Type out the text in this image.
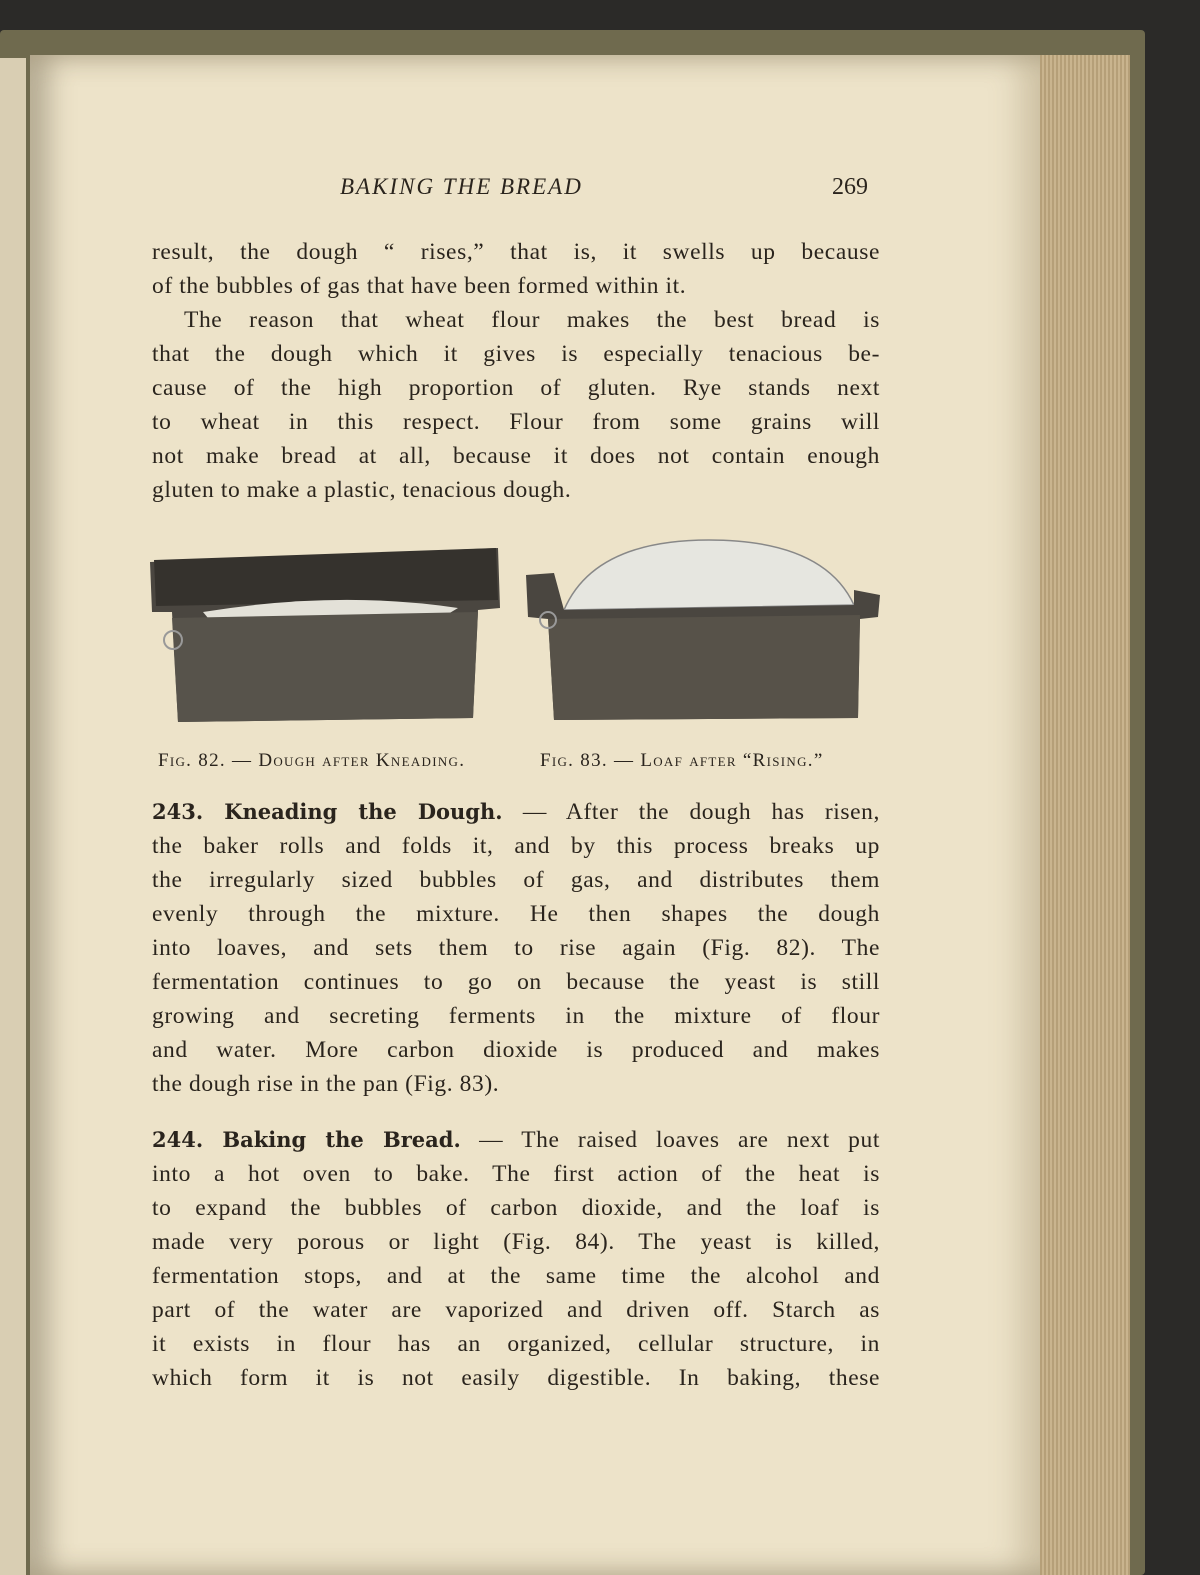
BAKING THE BREAD	269
result, the dough “ rises,” that is, it swells up because
of the bubbles of gas that have been formed within it.
The reason that wheat flour makes the best bread is
that the dough which it gives is especially tenacious be-
cause of the high proportion of gluten. Rye stands next
to wheat in this respect. Flour from some grains will
not make bread at all, because it does not contain enough
gluten to make a plastic, tenacious dough.
243. Kneading the Dough. — After the dough has risen,
the baker rolls and folds it, and by this process breaks up
the irregularly sized bubbles of gas, and distributes them
evenly through the mixture. He then shapes the dough
into loaves, and sets them to rise again (Fig. 82). The
fermentation continues to go on because the yeast is still
growing and secreting ferments in the mixture of flour
and water. More carbon dioxide is produced and makes
the dough rise in the pan (Fig. 83).
244. Baking the Bread. — The raised loaves are next put
into a hot oven to bake. The first action of the heat is
to expand the bubbles of carbon dioxide, and the loaf is
made very porous or light (Fig. 84). The yeast is killed,
fermentation stops, and at the same time the alcohol and
part of the water are vaporized and driven off. Starch as
it exists in flour has an organized, cellular structure, in
which form it is not easily digestible. In baking, these
Fig. 82. — Dough after Kneading.	Fig. 83. — Loaf after “Rising.”
